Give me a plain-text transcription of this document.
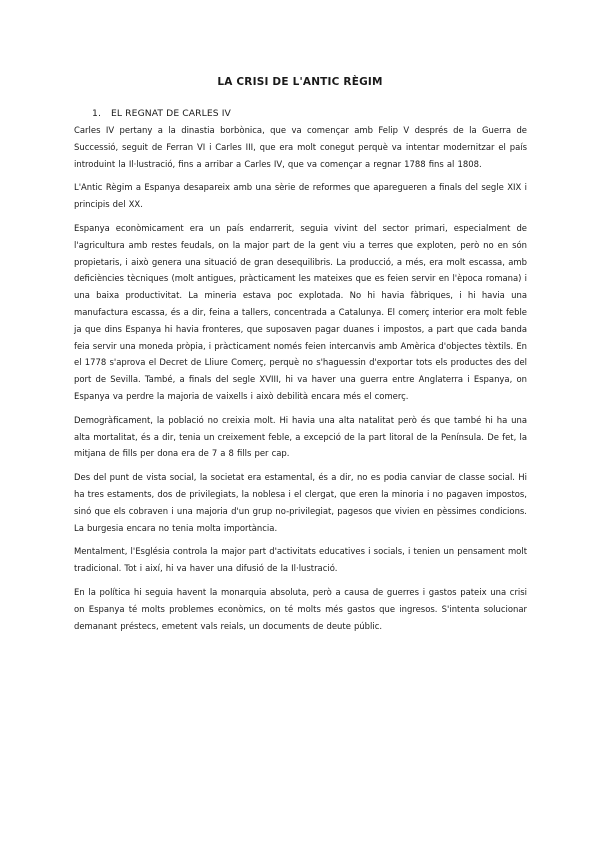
LA CRISI DE L'ANTIC RÈGIM
1. EL REGNAT DE CARLES IV

Carles IV pertany a la dinastia borbònica, que va començar amb Felip V després de la Guerra de Successió, seguit de Ferran VI i Carles III, que era molt conegut perquè va intentar modernitzar el país introduint la Il·lustració, fins a arribar a Carles IV, que va començar a regnar 1788 fins al 1808.

L'Antic Règim a Espanya desapareix amb una sèrie de reformes que aparegueren a finals del segle XIX i principis del XX.

Espanya econòmicament era un país endarrerit, seguia vivint del sector primari, especialment de l'agricultura amb restes feudals, on la major part de la gent viu a terres que exploten, però no en són propietaris, i això genera una situació de gran desequilibris. La producció, a més, era molt escassa, amb deficiències tècniques (molt antigues, pràcticament les mateixes que es feien servir en l'època romana) i una baixa productivitat. La mineria estava poc explotada. No hi havia fàbriques, i hi havia una manufactura escassa, és a dir, feina a tallers, concentrada a Catalunya. El comerç interior era molt feble ja que dins Espanya hi havia fronteres, que suposaven pagar duanes i impostos, a part que cada banda feia servir una moneda pròpia, i pràcticament només feien intercanvis amb Amèrica d'objectes tèxtils. En el 1778 s'aprova el Decret de Lliure Comerç, perquè no s'haguessin d'exportar tots els productes des del port de Sevilla. També, a finals del segle XVIII, hi va haver una guerra entre Anglaterra i Espanya, on Espanya va perdre la majoria de vaixells i això debilità encara més el comerç.

Demogràficament, la població no creixia molt. Hi havia una alta natalitat però és que també hi ha una alta mortalitat, és a dir, tenia un creixement feble, a excepció de la part litoral de la Península. De fet, la mitjana de fills per dona era de 7 a 8 fills per cap.

Des del punt de vista social, la societat era estamental, és a dir, no es podia canviar de classe social. Hi ha tres estaments, dos de privilegiats, la noblesa i el clergat, que eren la minoria i no pagaven impostos, sinó que els cobraven i una majoria d'un grup no-privilegiat, pagesos que vivien en pèssimes condicions. La burgesia encara no tenia molta importància.

Mentalment, l'Església controla la major part d'activitats educatives i socials, i tenien un pensament molt tradicional. Tot i així, hi va haver una difusió de la Il·lustració.

En la política hi seguia havent la monarquia absoluta, però a causa de guerres i gastos pateix una crisi on Espanya té molts problemes econòmics, on té molts més gastos que ingresos. S'intenta solucionar demanant préstecs, emetent vals reials, un documents de deute públic.
